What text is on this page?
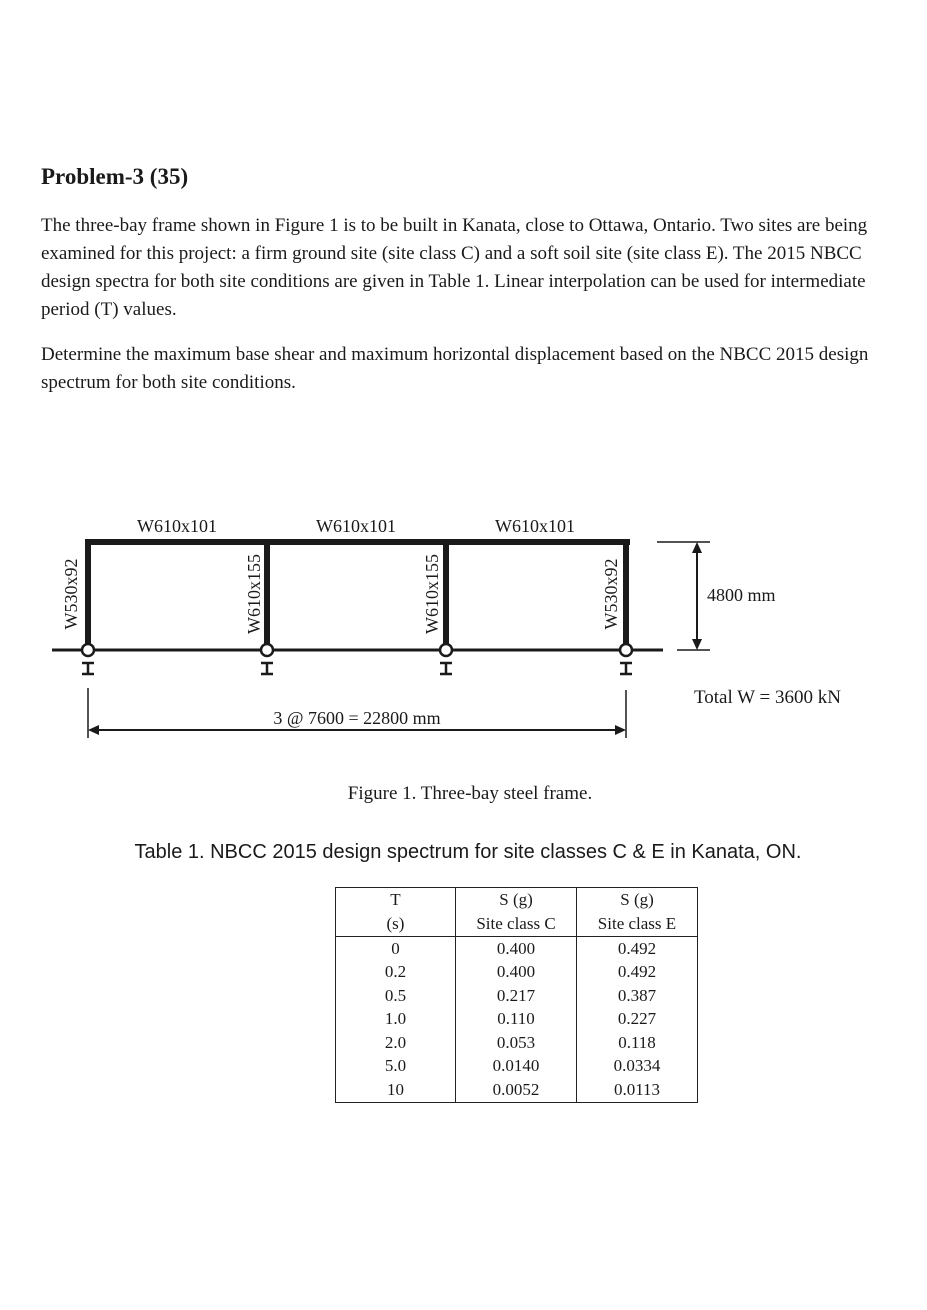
Problem-3 (35)

The three-bay frame shown in Figure 1 is to be built in Kanata, close to Ottawa, Ontario. Two sites are being examined for this project: a firm ground site (site class C) and a soft soil site (site class E). The 2015 NBCC design spectra for both site conditions are given in Table 1. Linear interpolation can be used for intermediate period (T) values.

Determine the maximum base shear and maximum horizontal displacement based on the NBCC 2015 design spectrum for both site conditions.

W610x101	W610x101	W610x101
W530x92	W610x155	W610x155	W530x92	4800 mm
Total W = 3600 kN
3 @ 7600 = 22800 mm

Figure 1. Three-bay steel frame.

Table 1. NBCC 2015 design spectrum for site classes C & E in Kanata, ON.

T	S (g)	S (g)
(s)	Site class C	Site class E
0	0.400	0.492
0.2	0.400	0.492
0.5	0.217	0.387
1.0	0.110	0.227
2.0	0.053	0.118
5.0	0.0140	0.0334
10	0.0052	0.0113
